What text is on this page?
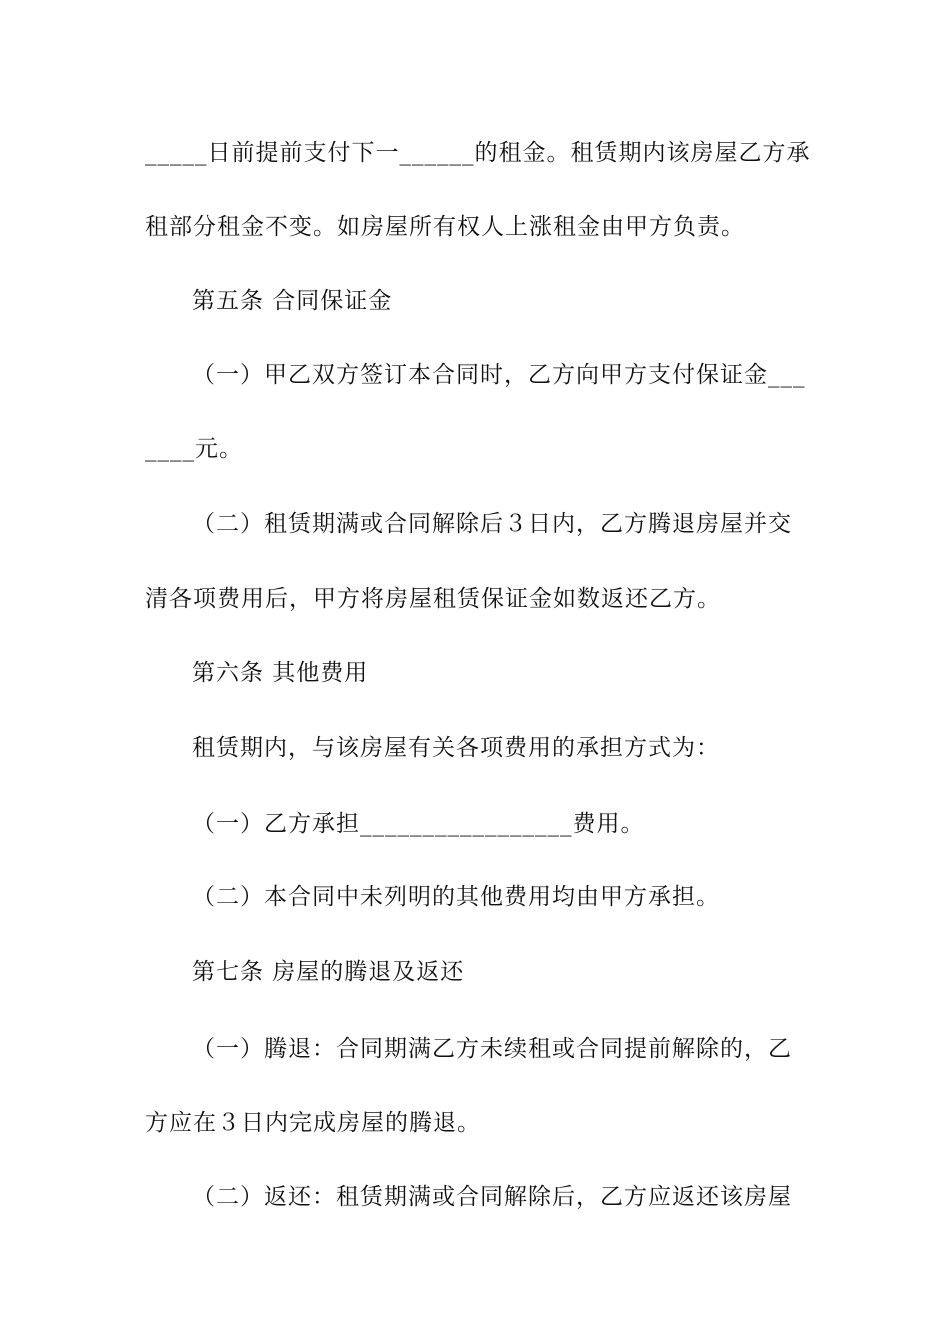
_____日前提前支付下一______的租金。租赁期内该房屋乙方承
租部分租金不变。如房屋所有权人上涨租金由甲方负责。
第五条 合同保证金
（一）甲乙双方签订本合同时，乙方向甲方支付保证金___
____元。
（二）租赁期满或合同解除后３日内，乙方腾退房屋并交
清各项费用后，甲方将房屋租赁保证金如数返还乙方。
第六条 其他费用
租赁期内，与该房屋有关各项费用的承担方式为：
（一）乙方承担_________________费用。
（二）本合同中未列明的其他费用均由甲方承担。
第七条 房屋的腾退及返还
（一）腾退：合同期满乙方未续租或合同提前解除的，乙
方应在３日内完成房屋的腾退。
（二）返还：租赁期满或合同解除后，乙方应返还该房屋
